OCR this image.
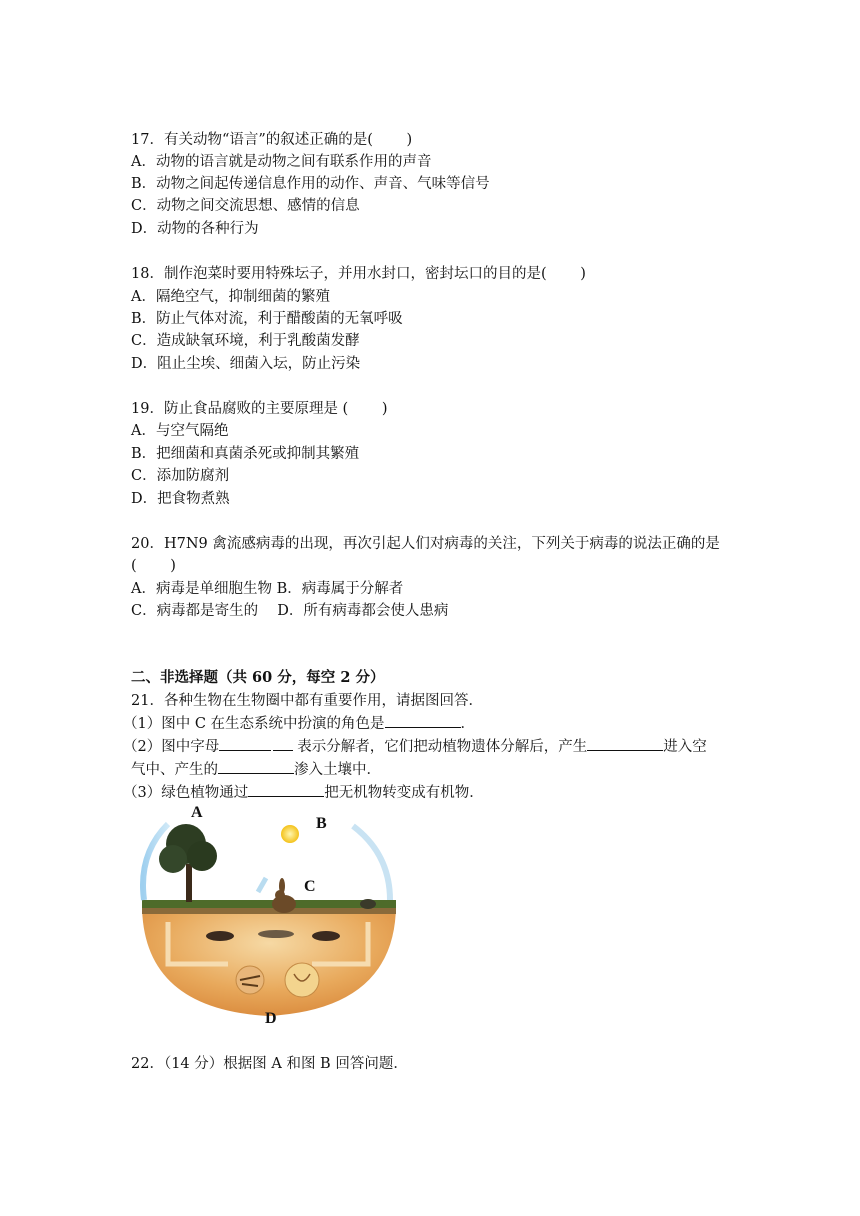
17．有关动物“语言”的叙述正确的是(　　 )
A．动物的语言就是动物之间有联系作用的声音
B．动物之间起传递信息作用的动作、声音、气味等信号
C．动物之间交流思想、感情的信息
D．动物的各种行为
18．制作泡菜时要用特殊坛子，并用水封口，密封坛口的目的是(　　 )
A．隔绝空气，抑制细菌的繁殖
B．防止气体对流，利于醋酸菌的无氧呼吸
C．造成缺氧环境，利于乳酸菌发酵
D．阻止尘埃、细菌入坛，防止污染
19．防止食品腐败的主要原理是 (　　 )
A．与空气隔绝
B．把细菌和真菌杀死或抑制其繁殖
C．添加防腐剂
D．把食物煮熟
20．H7N9 禽流感病毒的出现，再次引起人们对病毒的关注，下列关于病毒的说法正确的是
(　　 )
A．病毒是单细胞生物 B．病毒属于分解者
C．病毒都是寄生的　 D．所有病毒都会使人患病
二、非选择题（共 60 分，每空 2 分）
21．各种生物在生物圈中都有重要作用，请据图回答．
（1）图中 C 在生态系统中扮演的角色是	．
（2）图中字母	表示分解者，它们把动植物遗体分解后，产生	进入空
气中、产生的	渗入土壤中．
（3）绿色植物通过	把无机物转变成有机物．
A
B
C
D
22．（14 分）根据图 A 和图 B 回答问题．
